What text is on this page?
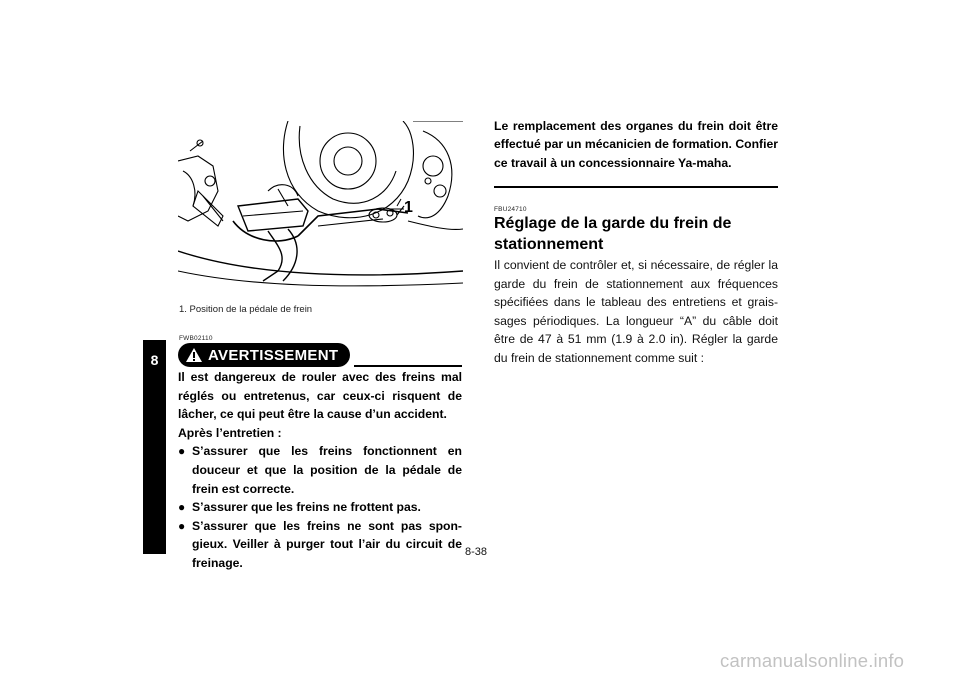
8
1
1. Position de la pédale de frein
FWB02110
AVERTISSEMENT

Il est dangereux de rouler avec des freins mal réglés ou entretenus, car ceux-ci risquent de lâcher, ce qui peut être la cause d’un accident.

Après l’entretien :

● S’assurer que les freins fonctionnent en douceur et que la position de la pédale de frein est correcte.
● S’assurer que les freins ne frottent pas.
● S’assurer que les freins ne sont pas spon-gieux. Veiller à purger tout l’air du circuit de freinage.
Le remplacement des organes du frein doit être effectué par un mécanicien de formation. Confier ce travail à un concessionnaire Ya-maha.
FBU24710
Réglage de la garde du frein de stationnement
Il convient de contrôler et, si nécessaire, de régler la garde du frein de stationnement aux fréquences spécifiées dans le tableau des entretiens et grais-sages périodiques. La longueur “A” du câble doit être de 47 à 51 mm (1.9 à 2.0 in). Régler la garde du frein de stationnement comme suit :
8-38
carmanualsonline.info
